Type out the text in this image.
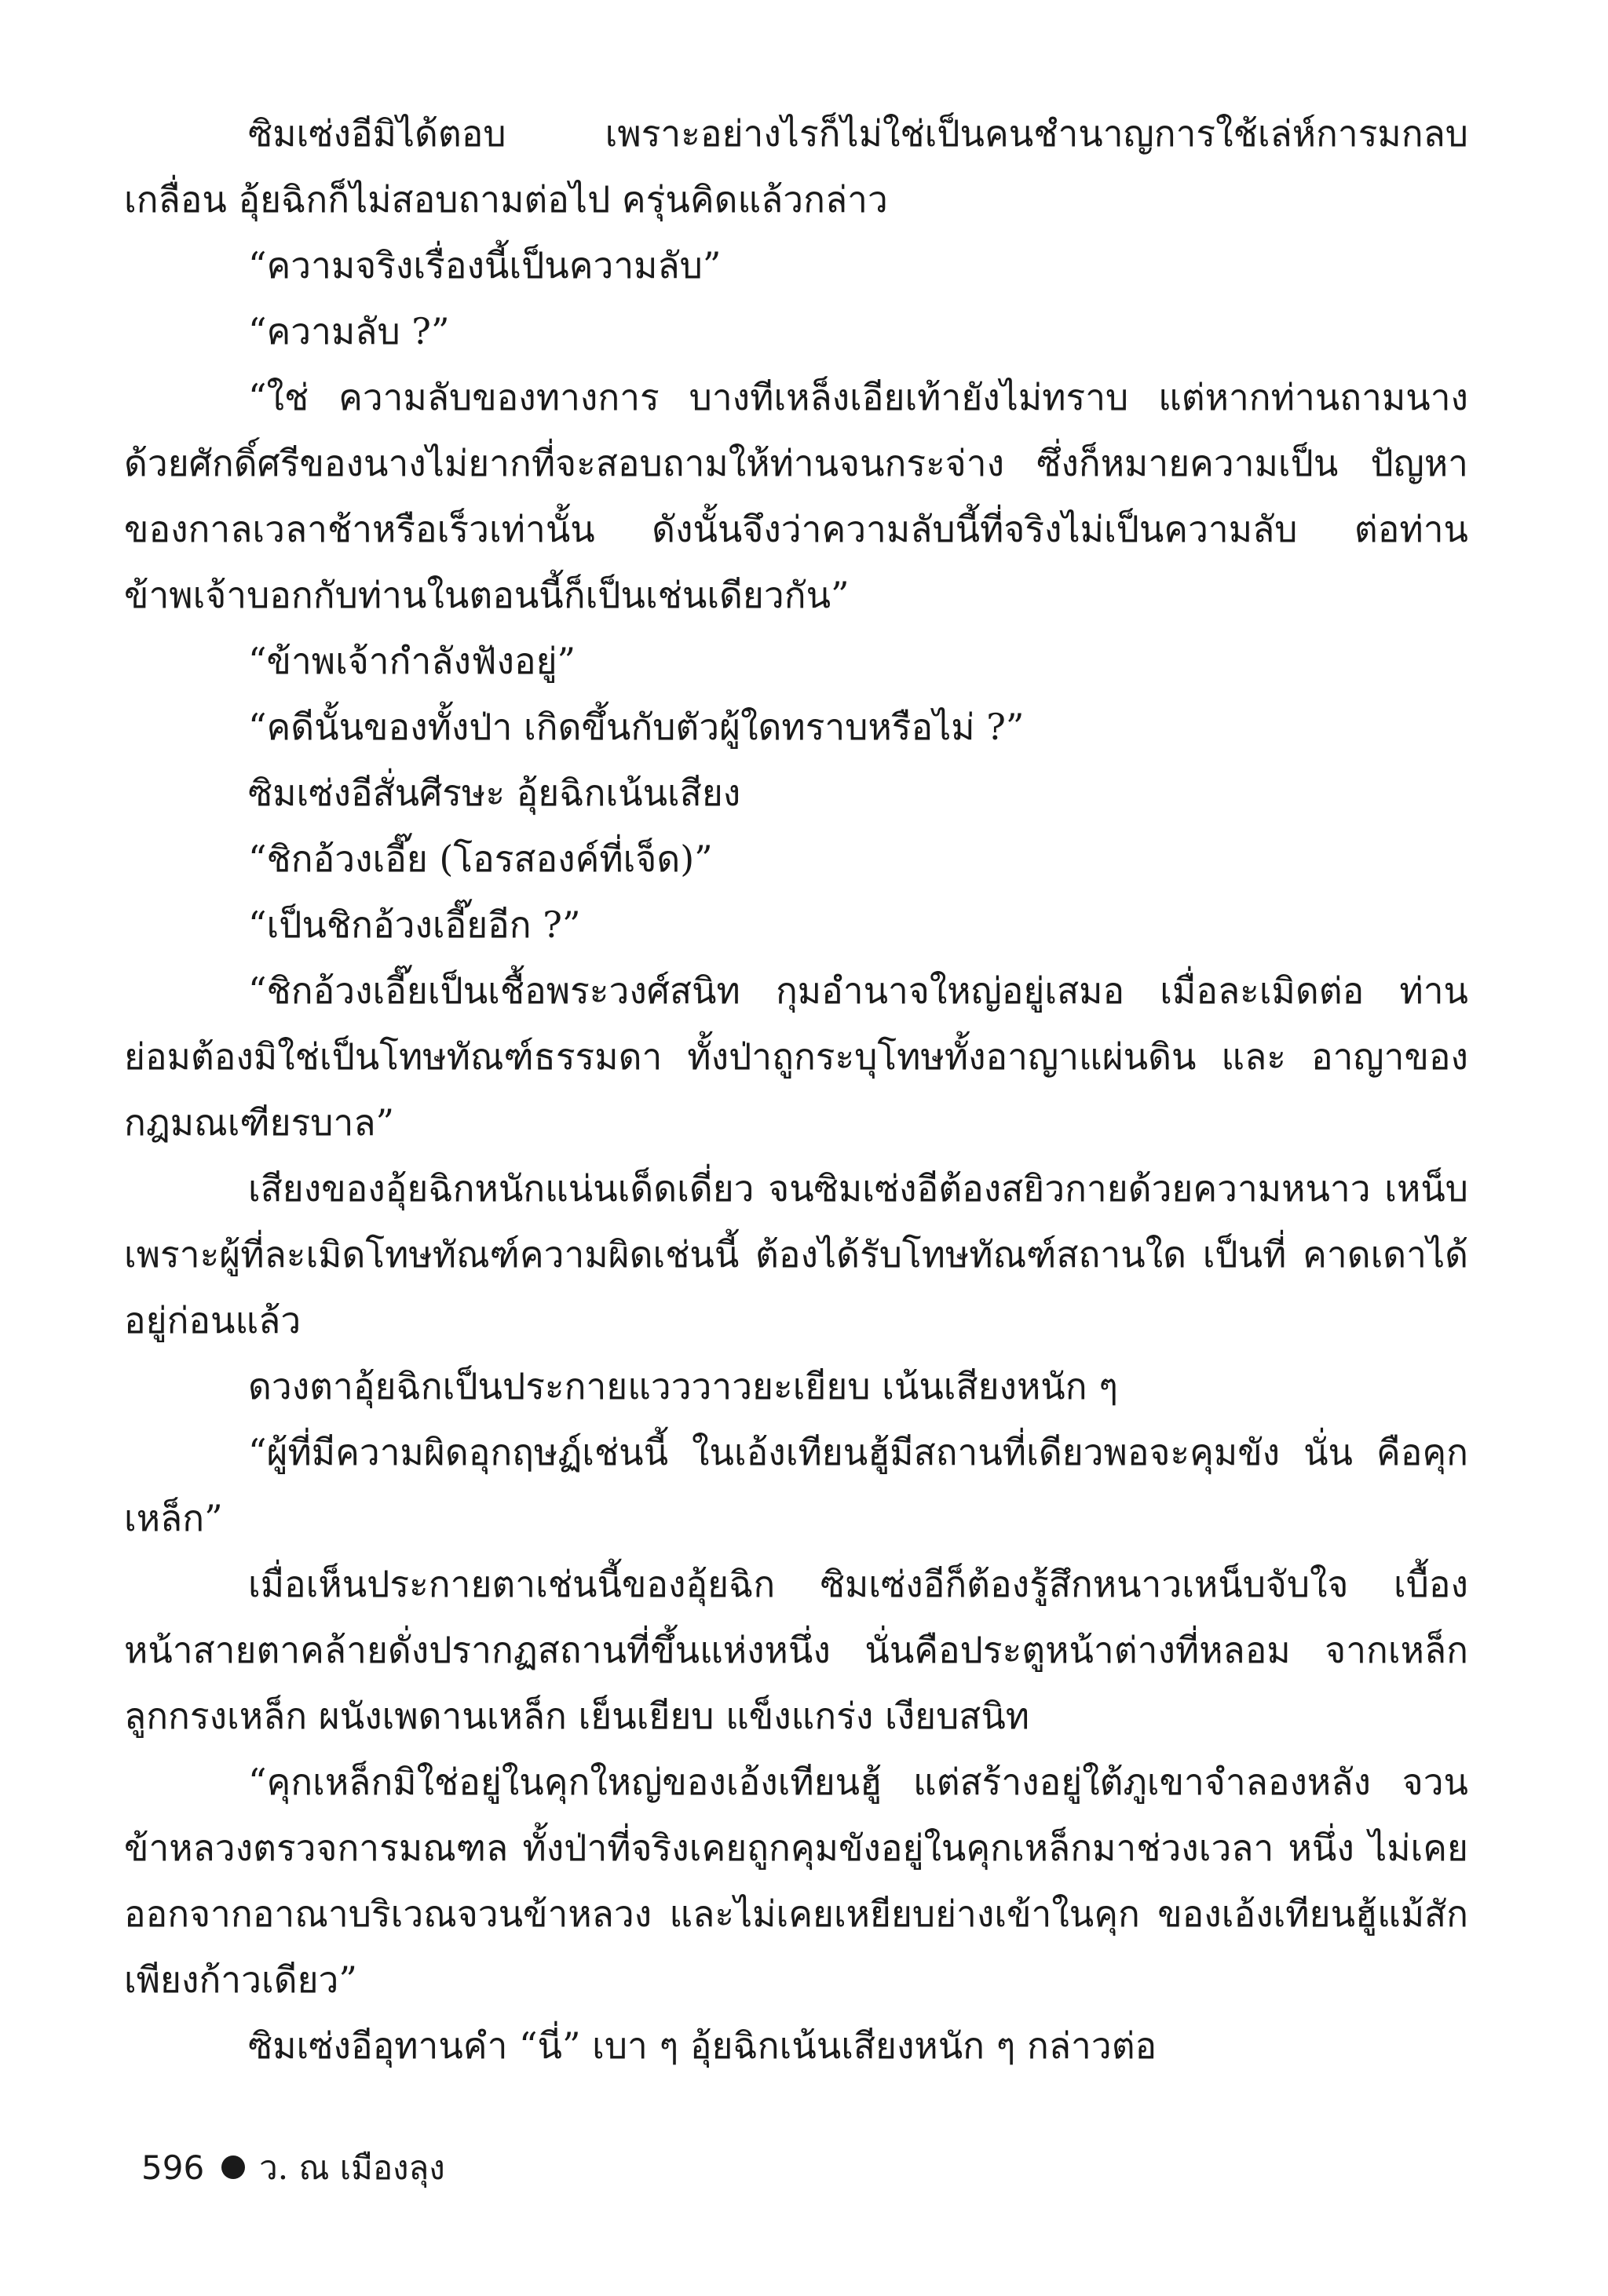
ซิมเซ่งอีมิได้ตอบ เพราะอย่างไรก็ไม่ใช่เป็นคนชำนาญการใช้เล่ห์การมกลบเกลื่อน อุ้ยฉิกก็ไม่สอบถามต่อไป ครุ่นคิดแล้วกล่าว

“ความจริงเรื่องนี้เป็นความลับ”

“ความลับ ?”

“ใช่ ความลับของทางการ บางทีเหล็งเอียเท้ายังไม่ทราบ แต่หากท่านถามนาง ด้วยศักดิ์ศรีของนางไม่ยากที่จะสอบถามให้ท่านจนกระจ่าง ซึ่งก็หมายความเป็น ปัญหาของกาลเวลาช้าหรือเร็วเท่านั้น ดังนั้นจึงว่าความลับนี้ที่จริงไม่เป็นความลับ ต่อท่าน ข้าพเจ้าบอกกับท่านในตอนนี้ก็เป็นเช่นเดียวกัน”

“ข้าพเจ้ากำลังฟังอยู่”

“คดีนั้นของทั้งป่า เกิดขึ้นกับตัวผู้ใดทราบหรือไม่ ?”

ซิมเซ่งอีสั่นศีรษะ อุ้ยฉิกเน้นเสียง

“ชิกอ้วงเอี๊ย (โอรสองค์ที่เจ็ด)”

“เป็นชิกอ้วงเอี๊ยอีก ?”

“ชิกอ้วงเอี๊ยเป็นเชื้อพระวงศ์สนิท กุมอำนาจใหญ่อยู่เสมอ เมื่อละเมิดต่อ ท่าน ย่อมต้องมิใช่เป็นโทษทัณฑ์ธรรมดา ทั้งป่าถูกระบุโทษทั้งอาญาแผ่นดิน และ อาญาของกฎมณเฑียรบาล”

เสียงของอุ้ยฉิกหนักแน่นเด็ดเดี่ยว จนซิมเซ่งอีต้องสยิวกายด้วยความหนาว เหน็บ เพราะผู้ที่ละเมิดโทษทัณฑ์ความผิดเช่นนี้ ต้องได้รับโทษทัณฑ์สถานใด เป็นที่ คาดเดาได้อยู่ก่อนแล้ว

ดวงตาอุ้ยฉิกเป็นประกายแวววาวยะเยียบ เน้นเสียงหนัก ๆ

“ผู้ที่มีความผิดอุกฤษฏ์เช่นนี้ ในเอ้งเทียนฮู้มีสถานที่เดียวพอจะคุมขัง นั่น คือคุกเหล็ก”

เมื่อเห็นประกายตาเช่นนี้ของอุ้ยฉิก ซิมเซ่งอีก็ต้องรู้สึกหนาวเหน็บจับใจ เบื้องหน้าสายตาคล้ายดั่งปรากฏสถานที่ขึ้นแห่งหนึ่ง นั่นคือประตูหน้าต่างที่หลอม จากเหล็ก ลูกกรงเหล็ก ผนังเพดานเหล็ก เย็นเยียบ แข็งแกร่ง เงียบสนิท

“คุกเหล็กมิใช่อยู่ในคุกใหญ่ของเอ้งเทียนฮู้ แต่สร้างอยู่ใต้ภูเขาจำลองหลัง จวนข้าหลวงตรวจการมณฑล ทั้งป่าที่จริงเคยถูกคุมขังอยู่ในคุกเหล็กมาช่วงเวลา หนึ่ง ไม่เคยออกจากอาณาบริเวณจวนข้าหลวง และไม่เคยเหยียบย่างเข้าในคุก ของเอ้งเทียนฮู้แม้สักเพียงก้าวเดียว”

ซิมเซ่งอีอุทานคำ “นี่” เบา ๆ อุ้ยฉิกเน้นเสียงหนัก ๆ กล่าวต่อ

596 ว. ณ เมืองลุง
